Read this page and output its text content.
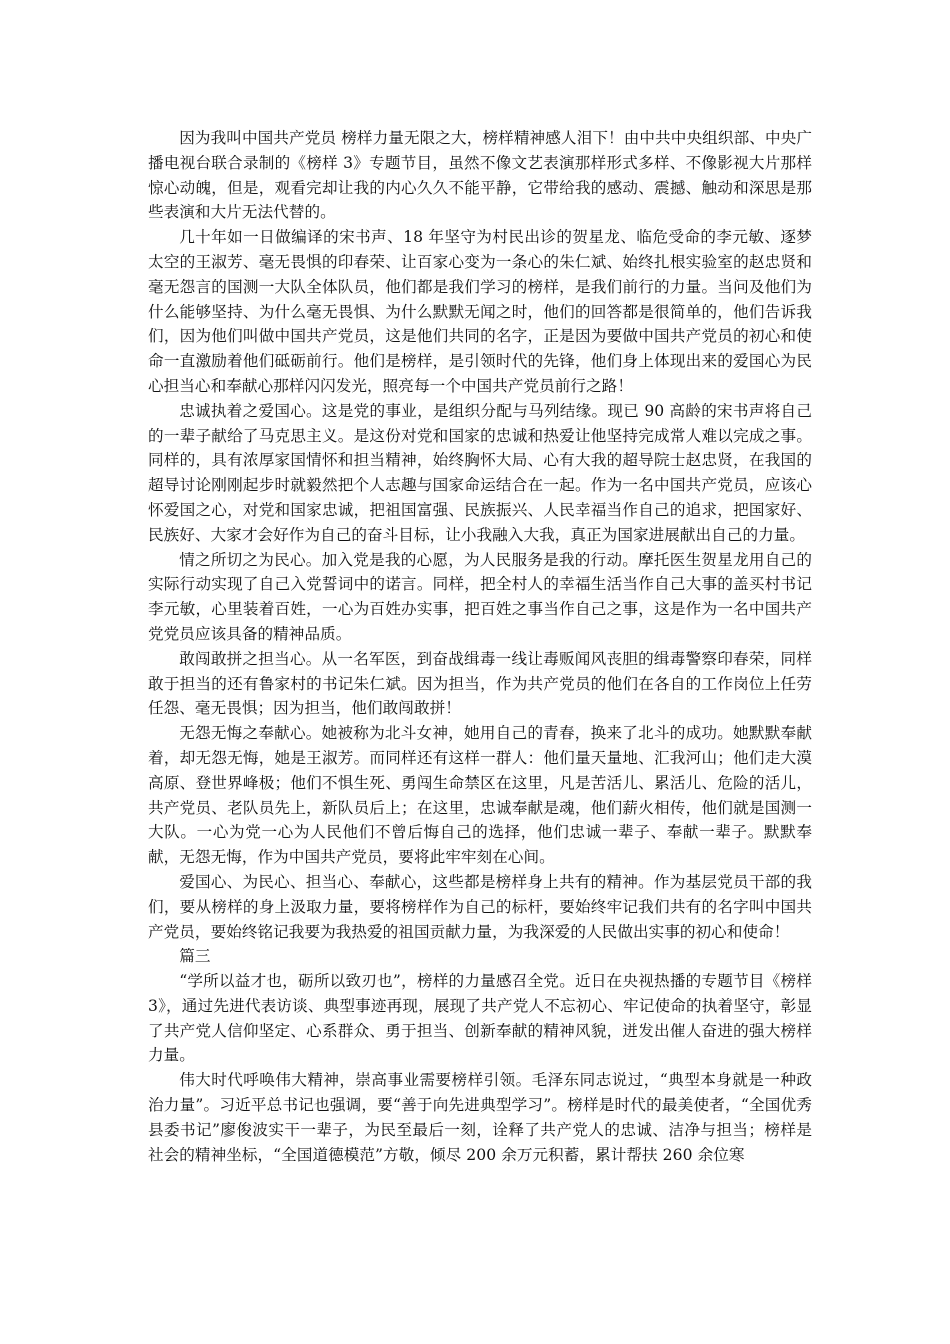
因为我叫中国共产党员 榜样力量无限之大，榜样精神感人泪下！由中共中央组织部、中央广播电视台联合录制的《榜样 3》专题节目，虽然不像文艺表演那样形式多样、不像影视大片那样惊心动魄，但是，观看完却让我的内心久久不能平静，它带给我的感动、震撼、触动和深思是那些表演和大片无法代替的。

几十年如一日做编译的宋书声、18 年坚守为村民出诊的贺星龙、临危受命的李元敏、逐梦太空的王淑芳、毫无畏惧的印春荣、让百家心变为一条心的朱仁斌、始终扎根实验室的赵忠贤和毫无怨言的国测一大队全体队员，他们都是我们学习的榜样，是我们前行的力量。当问及他们为什么能够坚持、为什么毫无畏惧、为什么默默无闻之时，他们的回答都是很简单的，他们告诉我们，因为他们叫做中国共产党员，这是他们共同的名字，正是因为要做中国共产党员的初心和使命一直激励着他们砥砺前行。他们是榜样，是引领时代的先锋，他们身上体现出来的爱国心为民心担当心和奉献心那样闪闪发光，照亮每一个中国共产党员前行之路！

忠诚执着之爱国心。这是党的事业，是组织分配与马列结缘。现已 90 高龄的宋书声将自己的一辈子献给了马克思主义。是这份对党和国家的忠诚和热爱让他坚持完成常人难以完成之事。同样的，具有浓厚家国情怀和担当精神，始终胸怀大局、心有大我的超导院士赵忠贤，在我国的超导讨论刚刚起步时就毅然把个人志趣与国家命运结合在一起。作为一名中国共产党员，应该心怀爱国之心，对党和国家忠诚，把祖国富强、民族振兴、人民幸福当作自己的追求，把国家好、民族好、大家才会好作为自己的奋斗目标，让小我融入大我，真正为国家进展献出自己的力量。

情之所切之为民心。加入党是我的心愿，为人民服务是我的行动。摩托医生贺星龙用自己的实际行动实现了自己入党誓词中的诺言。同样，把全村人的幸福生活当作自己大事的盖买村书记李元敏，心里装着百姓，一心为百姓办实事，把百姓之事当作自己之事，这是作为一名中国共产党党员应该具备的精神品质。

敢闯敢拼之担当心。从一名军医，到奋战缉毒一线让毒贩闻风丧胆的缉毒警察印春荣，同样敢于担当的还有鲁家村的书记朱仁斌。因为担当，作为共产党员的他们在各自的工作岗位上任劳任怨、毫无畏惧；因为担当，他们敢闯敢拼！

无怨无悔之奉献心。她被称为北斗女神，她用自己的青春，换来了北斗的成功。她默默奉献着，却无怨无悔，她是王淑芳。而同样还有这样一群人：他们量天量地、汇我河山；他们走大漠高原、登世界峰极；他们不惧生死、勇闯生命禁区在这里，凡是苦活儿、累活儿、危险的活儿，共产党员、老队员先上，新队员后上；在这里，忠诚奉献是魂，他们薪火相传，他们就是国测一大队。一心为党一心为人民他们不曾后悔自己的选择，他们忠诚一辈子、奉献一辈子。默默奉献，无怨无悔，作为中国共产党员，要将此牢牢刻在心间。

爱国心、为民心、担当心、奉献心，这些都是榜样身上共有的精神。作为基层党员干部的我们，要从榜样的身上汲取力量，要将榜样作为自己的标杆，要始终牢记我们共有的名字叫中国共产党员，要始终铭记我要为我热爱的祖国贡献力量，为我深爱的人民做出实事的初心和使命！

篇三

“学所以益才也，砺所以致刃也”，榜样的力量感召全党。近日在央视热播的专题节目《榜样 3》，通过先进代表访谈、典型事迹再现，展现了共产党人不忘初心、牢记使命的执着坚守，彰显了共产党人信仰坚定、心系群众、勇于担当、创新奉献的精神风貌，迸发出催人奋进的强大榜样力量。

伟大时代呼唤伟大精神，崇高事业需要榜样引领。毛泽东同志说过，“典型本身就是一种政治力量”。习近平总书记也强调，要“善于向先进典型学习”。榜样是时代的最美使者，“全国优秀县委书记”廖俊波实干一辈子，为民至最后一刻，诠释了共产党人的忠诚、洁净与担当；榜样是社会的精神坐标，“全国道德模范”方敬，倾尽 200 余万元积蓄，累计帮扶 260 余位寒
